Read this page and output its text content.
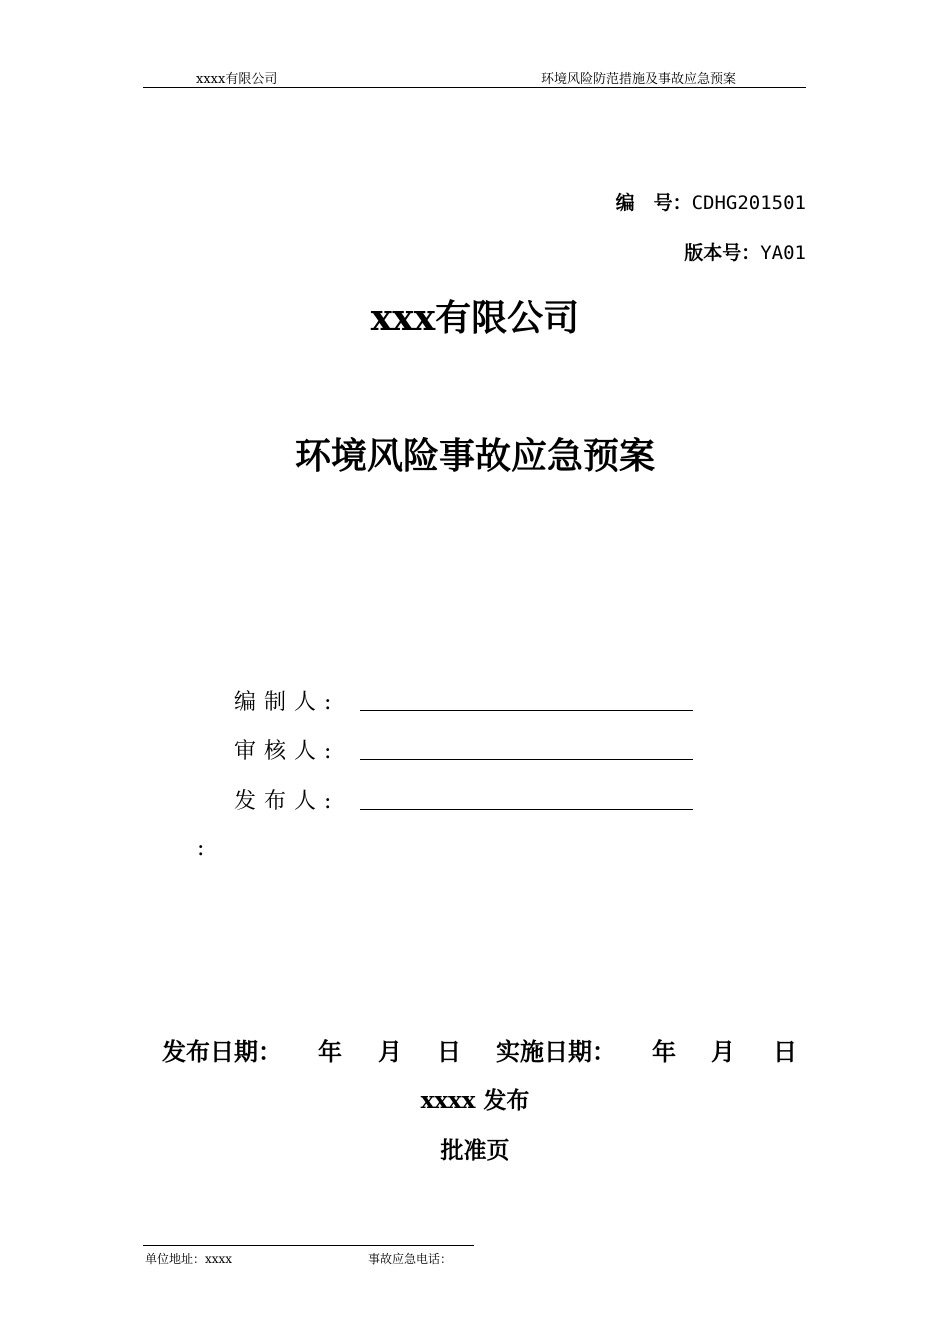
xxxx有限公司	环境风险防范措施及事故应急预案
编　号：CDHG201501
版本号：YA01
xxx有限公司
环境风险事故应急预案
编制人:
审核人:
发布人:
:
发布日期： 年 月 日 实施日期： 年 月 日
xxxx 发布
批准页
单位地址：xxxx	事故应急电话：
